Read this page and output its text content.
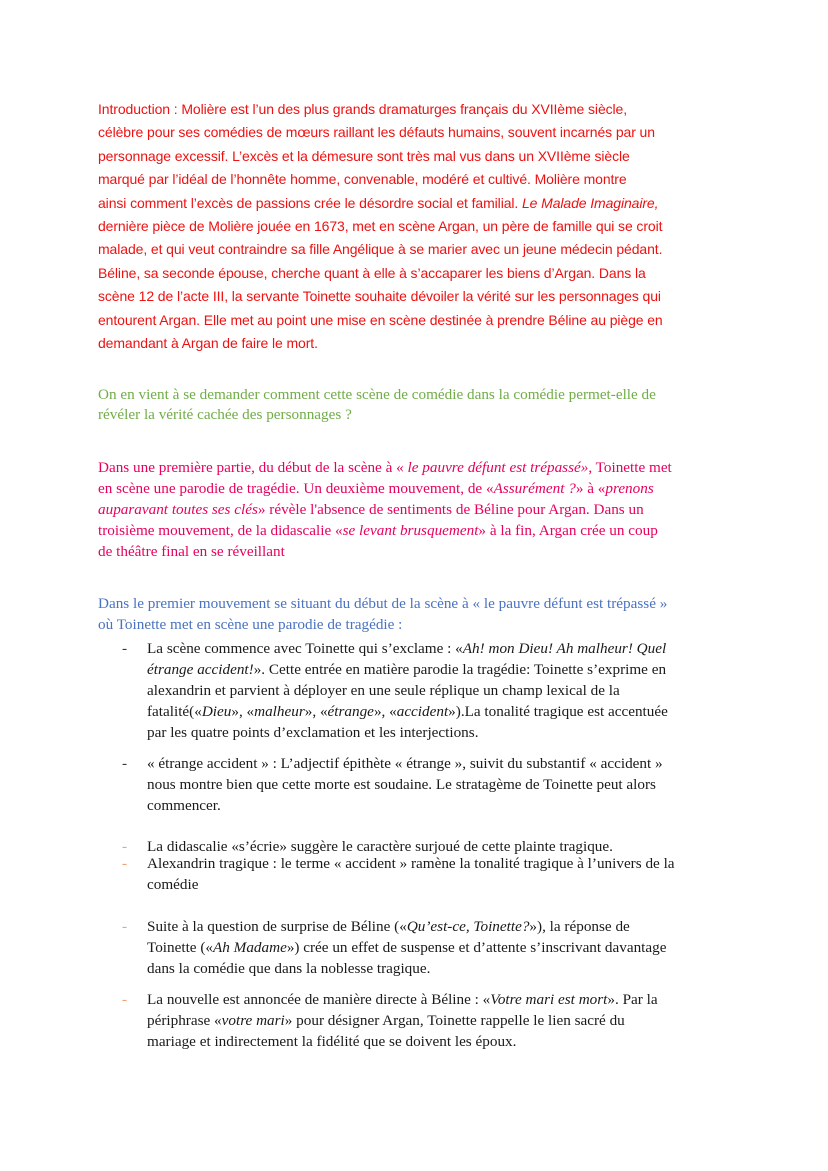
Introduction : Molière est l’un des plus grands dramaturges français du XVIIème siècle,
célèbre pour ses comédies de mœurs raillant les défauts humains, souvent incarnés par un
personnage excessif. L’excès et la démesure sont très mal vus dans un XVIIème siècle
marqué par l’idéal de l’honnête homme, convenable, modéré et cultivé. Molière montre
ainsi comment l’excès de passions crée le désordre social et familial. Le Malade Imaginaire,
dernière pièce de Molière jouée en 1673, met en scène Argan, un père de famille qui se croit
malade, et qui veut contraindre sa fille Angélique à se marier avec un jeune médecin pédant.
Béline, sa seconde épouse, cherche quant à elle à s’accaparer les biens d’Argan. Dans la
scène 12 de l’acte III, la servante Toinette souhaite dévoiler la vérité sur les personnages qui
entourent Argan. Elle met au point une mise en scène destinée à prendre Béline au piège en
demandant à Argan de faire le mort.
On en vient à se demander comment cette scène de comédie dans la comédie permet-elle de
révéler la vérité cachée des personnages ?
Dans une première partie, du début de la scène à « le pauvre défunt est trépassé», Toinette met
en scène une parodie de tragédie. Un deuxième mouvement, de «Assurément ?» à «prenons
auparavant toutes ses clés» révèle l'absence de sentiments de Béline pour Argan. Dans un
troisième mouvement, de la didascalie «se levant brusquement» à la fin, Argan crée un coup
de théâtre final en se réveillant
Dans le premier mouvement se situant du début de la scène à « le pauvre défunt est trépassé »
où Toinette met en scène une parodie de tragédie :
- La scène commence avec Toinette qui s’exclame : «Ah! mon Dieu! Ah malheur! Quel
étrange accident!». Cette entrée en matière parodie la tragédie: Toinette s’exprime en
alexandrin et parvient à déployer en une seule réplique un champ lexical de la
fatalité(«Dieu», «malheur», «étrange», «accident»).La tonalité tragique est accentuée
par les quatre points d’exclamation et les interjections.
- « étrange accident » : L’adjectif épithète « étrange », suivit du substantif « accident »
nous montre bien que cette morte est soudaine. Le stratagème de Toinette peut alors
commencer.
- La didascalie «s’écrie» suggère le caractère surjoué de cette plainte tragique.
- Alexandrin tragique : le terme « accident » ramène la tonalité tragique à l’univers de la
comédie
- Suite à la question de surprise de Béline («Qu’est-ce, Toinette?»), la réponse de
Toinette («Ah Madame») crée un effet de suspense et d’attente s’inscrivant davantage
dans la comédie que dans la noblesse tragique.
- La nouvelle est annoncée de manière directe à Béline : «Votre mari est mort». Par la
périphrase «votre mari» pour désigner Argan, Toinette rappelle le lien sacré du
mariage et indirectement la fidélité que se doivent les époux.
